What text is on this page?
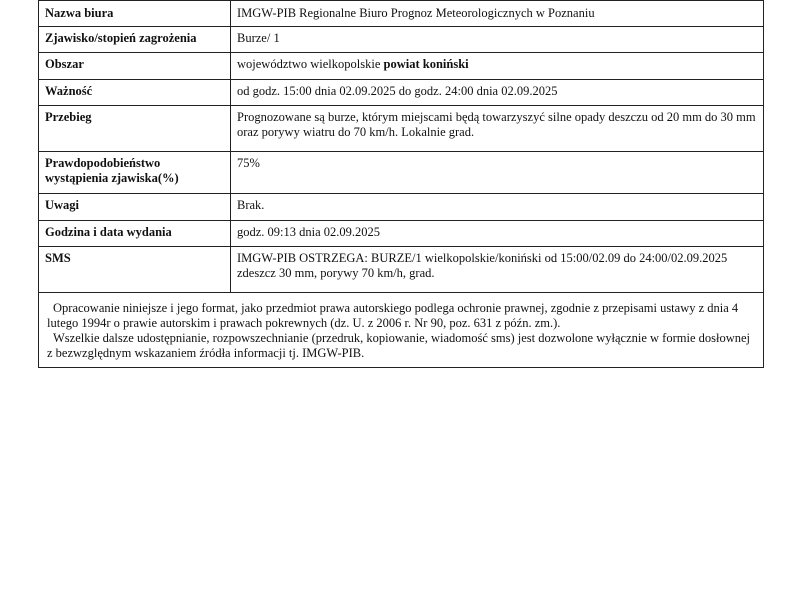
Nazwa biura	IMGW-PIB Regionalne Biuro Prognoz Meteorologicznych w Poznaniu
Zjawisko/stopień zagrożenia	Burze/ 1
Obszar	województwo wielkopolskie powiat koniński
Ważność	od godz. 15:00 dnia 02.09.2025 do godz. 24:00 dnia 02.09.2025
Przebieg	Prognozowane są burze, którym miejscami będą towarzyszyć silne opady deszczu od 20 mm do 30 mm oraz porywy wiatru do 70 km/h. Lokalnie grad.
Prawdopodobieństwo wystąpienia zjawiska(%)	75%
Uwagi	Brak.
Godzina i data wydania	godz. 09:13 dnia 02.09.2025
SMS	IMGW-PIB OSTRZEGA: BURZE/1 wielkopolskie/koniński od 15:00/02.09 do 24:00/02.09.2025 zdeszcz 30 mm, porywy 70 km/h, grad.

Opracowanie niniejsze i jego format, jako przedmiot prawa autorskiego podlega ochronie prawnej, zgodnie z przepisami ustawy z dnia 4 lutego 1994r o prawie autorskim i prawach pokrewnych (dz. U. z 2006 r. Nr 90, poz. 631 z późn. zm.).

Wszelkie dalsze udostępnianie, rozpowszechnianie (przedruk, kopiowanie, wiadomość sms) jest dozwolone wyłącznie w formie dosłownej z bezwzględnym wskazaniem źródła informacji tj. IMGW-PIB.
